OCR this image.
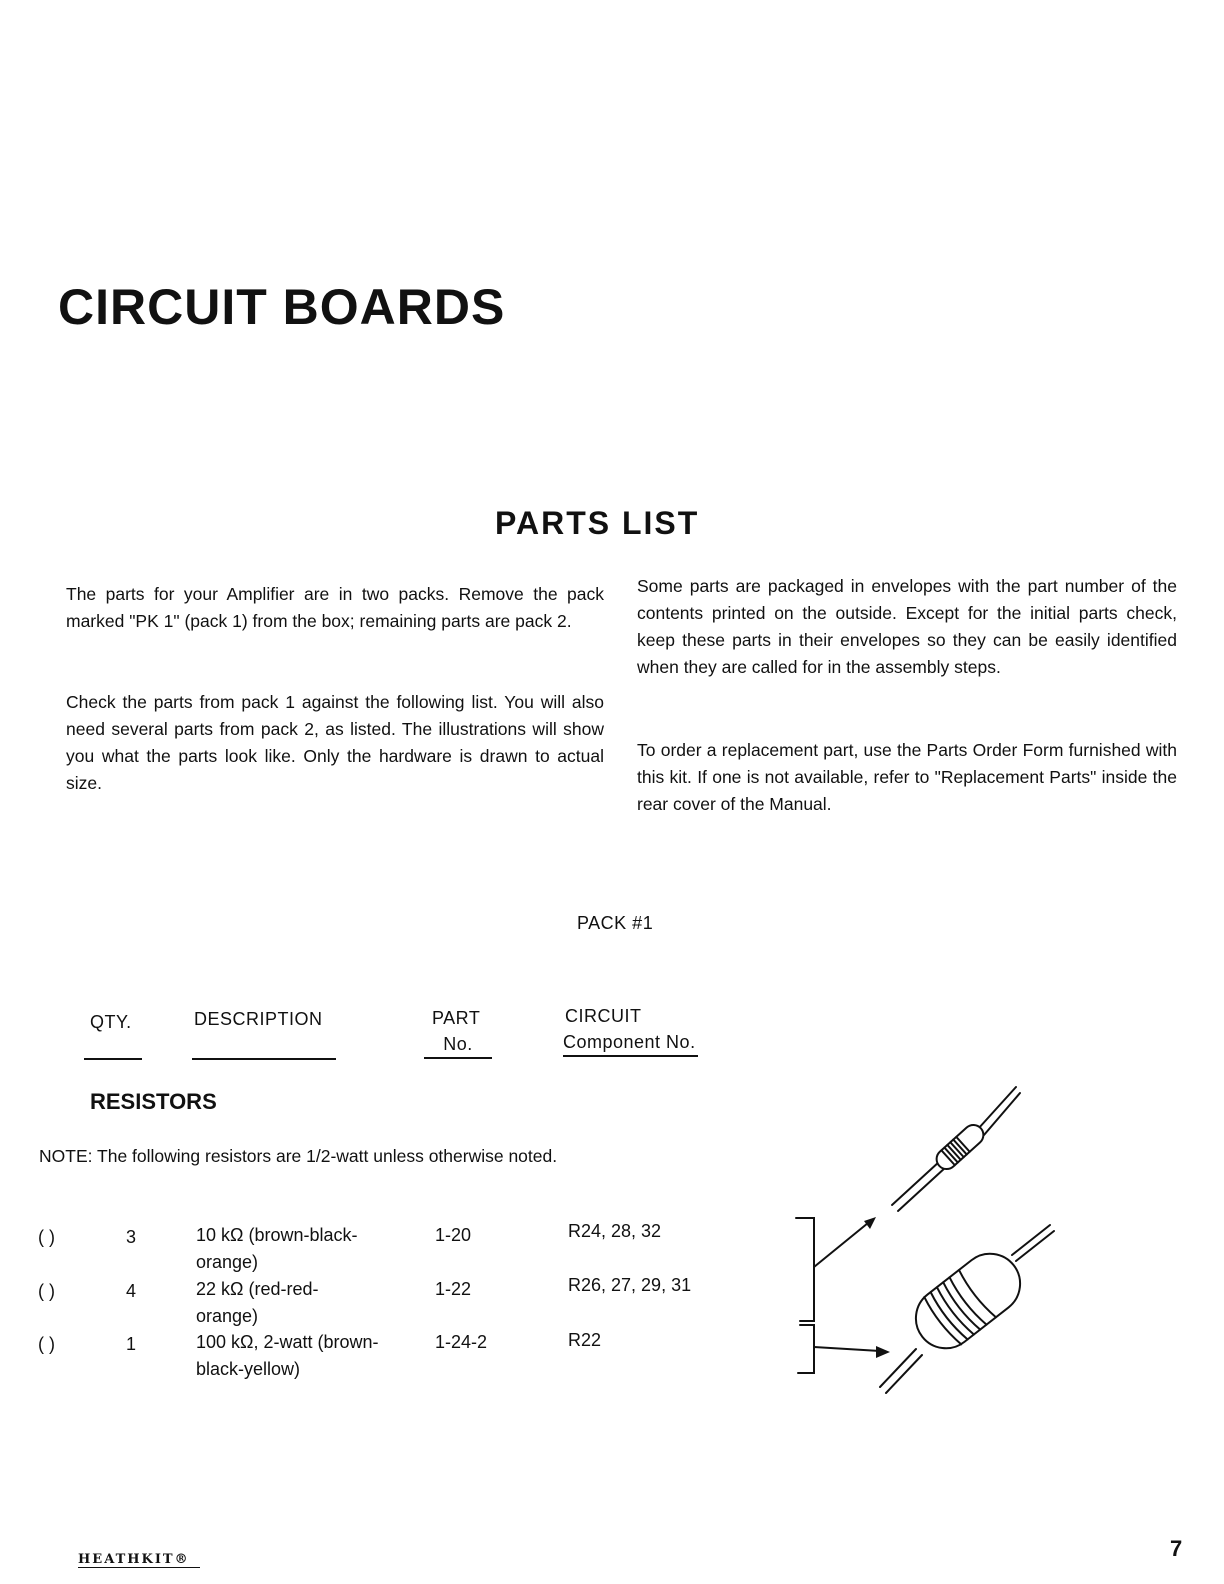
CIRCUIT BOARDS
PARTS LIST
The parts for your Amplifier are in two packs. Remove the pack marked "PK 1" (pack 1) from the box; remaining parts are pack 2.
Check the parts from pack 1 against the following list. You will also need several parts from pack 2, as listed. The illustrations will show you what the parts look like. Only the hardware is drawn to actual size.
Some parts are packaged in envelopes with the part number of the contents printed on the outside. Except for the initial parts check, keep these parts in their envelopes so they can be easily identified when they are called for in the assembly steps.
To order a replacement part, use the Parts Order Form furnished with this kit. If one is not available, refer to "Replacement Parts" inside the rear cover of the Manual.
PACK #1
QTY.	DESCRIPTION	PART
No.
CIRCUIT
Component No.
RESISTORS
NOTE: The following resistors are 1/2-watt unless otherwise noted.
( )	3	10 kΩ (brown-black-
orange)
1-20	R24, 28, 32
( )	4	22 kΩ (red-red-
orange)
1-22	R26, 27, 29, 31
( )	1	100 kΩ, 2-watt (brown-
black-yellow)
1-24-2	R22
HEATHKIT®	7
